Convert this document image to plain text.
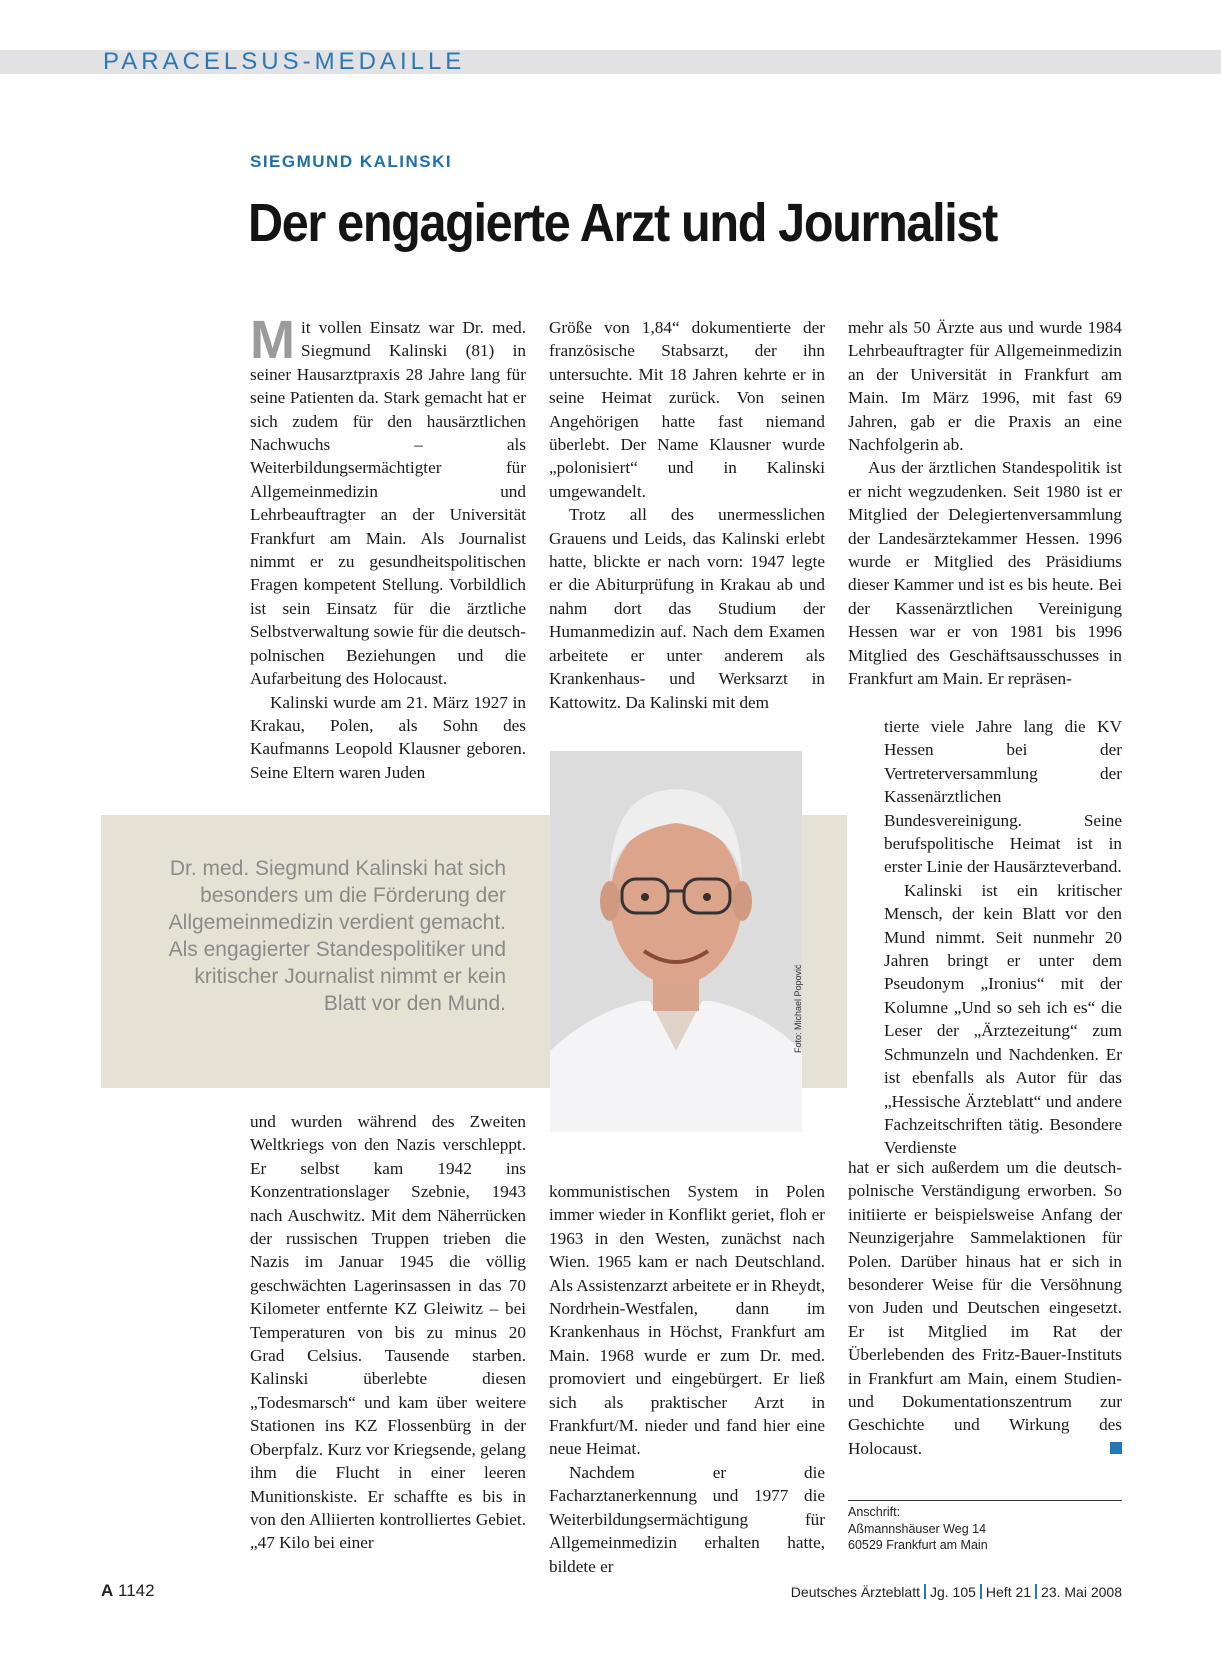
PARACELSUS-MEDAILLE
SIEGMUND KALINSKI
Der engagierte Arzt und Journalist

Mit vollen Einsatz war Dr. med. Siegmund Kalinski (81) in seiner Hausarztpraxis 28 Jahre lang für seine Patienten da. Stark gemacht hat er sich zudem für den hausärztlichen Nachwuchs – als Weiterbildungsermächtigter für Allgemeinmedizin und Lehrbeauftragter an der Universität Frankfurt am Main. Als Journalist nimmt er zu gesundheitspolitischen Fragen kompetent Stellung. Vorbildlich ist sein Einsatz für die ärztliche Selbstverwaltung sowie für die deutsch-polnischen Beziehungen und die Aufarbeitung des Holocaust.

Kalinski wurde am 21. März 1927 in Krakau, Polen, als Sohn des Kaufmanns Leopold Klausner geboren. Seine Eltern waren Juden

Dr. med. Siegmund Kalinski hat sich besonders um die Förderung der Allgemeinmedizin verdient gemacht. Als engagierter Standespolitiker und kritischer Journalist nimmt er kein Blatt vor den Mund.	Foto: Michael Popović

und wurden während des Zweiten Weltkriegs von den Nazis verschleppt. Er selbst kam 1942 ins Konzentrationslager Szebnie, 1943 nach Auschwitz. Mit dem Näherrücken der russischen Truppen trieben die Nazis im Januar 1945 die völlig geschwächten Lagerinsassen in das 70 Kilometer entfernte KZ Gleiwitz – bei Temperaturen von bis zu minus 20 Grad Celsius. Tausende starben. Kalinski überlebte diesen „Todesmarsch“ und kam über weitere Stationen ins KZ Flossenbürg in der Oberpfalz. Kurz vor Kriegsende, gelang ihm die Flucht in einer leeren Munitionskiste. Er schaffte es bis in von den Alliierten kontrolliertes Gebiet. „47 Kilo bei einer

Größe von 1,84“ dokumentierte der französische Stabsarzt, der ihn untersuchte. Mit 18 Jahren kehrte er in seine Heimat zurück. Von seinen Angehörigen hatte fast niemand überlebt. Der Name Klausner wurde „polonisiert“ und in Kalinski umgewandelt.

Trotz all des unermesslichen Grauens und Leids, das Kalinski erlebt hatte, blickte er nach vorn: 1947 legte er die Abiturprüfung in Krakau ab und nahm dort das Studium der Humanmedizin auf. Nach dem Examen arbeitete er unter anderem als Krankenhaus- und Werksarzt in Kattowitz. Da Kalinski mit dem

kommunistischen System in Polen immer wieder in Konflikt geriet, floh er 1963 in den Westen, zunächst nach Wien. 1965 kam er nach Deutschland. Als Assistenzarzt arbeitete er in Rheydt, Nordrhein-Westfalen, dann im Krankenhaus in Höchst, Frankfurt am Main. 1968 wurde er zum Dr. med. promoviert und eingebürgert. Er ließ sich als praktischer Arzt in Frankfurt/M. nieder und fand hier eine neue Heimat.

Nachdem er die Facharztanerkennung und 1977 die Weiterbildungsermächtigung für Allgemeinmedizin erhalten hatte, bildete er

mehr als 50 Ärzte aus und wurde 1984 Lehrbeauftragter für Allgemeinmedizin an der Universität in Frankfurt am Main. Im März 1996, mit fast 69 Jahren, gab er die Praxis an eine Nachfolgerin ab.

Aus der ärztlichen Standespolitik ist er nicht wegzudenken. Seit 1980 ist er Mitglied der Delegiertenversammlung der Landesärztekammer Hessen. 1996 wurde er Mitglied des Präsidiums dieser Kammer und ist es bis heute. Bei der Kassenärztlichen Vereinigung Hessen war er von 1981 bis 1996 Mitglied des Geschäftsausschusses in Frankfurt am Main. Er repräsen-

tierte viele Jahre lang die KV Hessen bei der Vertreterversammlung der Kassenärztlichen Bundesvereinigung. Seine berufspolitische Heimat ist in erster Linie der Hausärzteverband.

Kalinski ist ein kritischer Mensch, der kein Blatt vor den Mund nimmt. Seit nunmehr 20 Jahren bringt er unter dem Pseudonym „Ironius“ mit der Kolumne „Und so seh ich es“ die Leser der „Ärztezeitung“ zum Schmunzeln und Nachdenken. Er ist ebenfalls als Autor für das „Hessische Ärzteblatt“ und andere Fachzeitschriften tätig. Besondere Verdienste

hat er sich außerdem um die deutsch-polnische Verständigung erworben. So initiierte er beispielsweise Anfang der Neunzigerjahre Sammelaktionen für Polen. Darüber hinaus hat er sich in besonderer Weise für die Versöhnung von Juden und Deutschen eingesetzt. Er ist Mitglied im Rat der Überlebenden des Fritz-Bauer-Instituts in Frankfurt am Main, einem Studien- und Dokumentationszentrum zur Geschichte und Wirkung des Holocaust.

Anschrift:
Aßmannshäuser Weg 14
60529 Frankfurt am Main
A 1142	Deutsches Ärzteblatt Jg. 105 Heft 21 23. Mai 2008
